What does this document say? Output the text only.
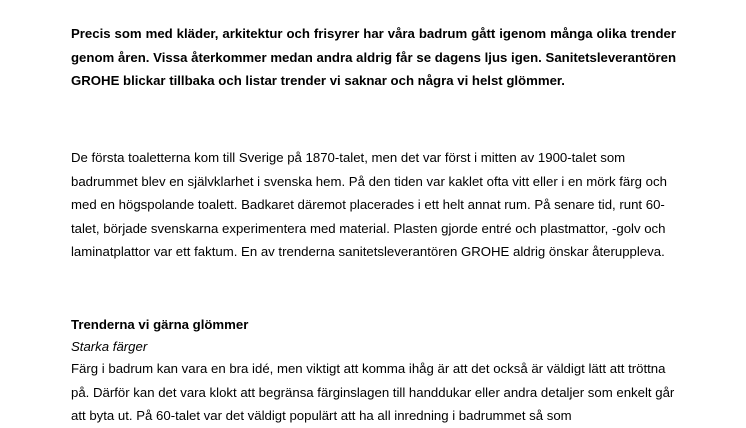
Precis som med kläder, arkitektur och frisyrer har våra badrum gått igenom många olika trender genom åren. Vissa återkommer medan andra aldrig får se dagens ljus igen. Sanitetsleverantören GROHE blickar tillbaka och listar trender vi saknar och några vi helst glömmer.

De första toaletterna kom till Sverige på 1870-talet, men det var först i mitten av 1900-talet som badrummet blev en självklarhet i svenska hem. På den tiden var kaklet ofta vitt eller i en mörk färg och med en högspolande toalett. Badkaret däremot placerades i ett helt annat rum. På senare tid, runt 60-talet, började svenskarna experimentera med material. Plasten gjorde entré och plastmattor, -golv och laminatplattor var ett faktum. En av trenderna sanitetsleverantören GROHE aldrig önskar återuppleva.

Trenderna vi gärna glömmer

Starka färger

Färg i badrum kan vara en bra idé, men viktigt att komma ihåg är att det också är väldigt lätt att tröttna på. Därför kan det vara klokt att begränsa färginslagen till handdukar eller andra detaljer som enkelt går att byta ut. På 60-talet var det väldigt populärt att ha all inredning i badrummet så som
